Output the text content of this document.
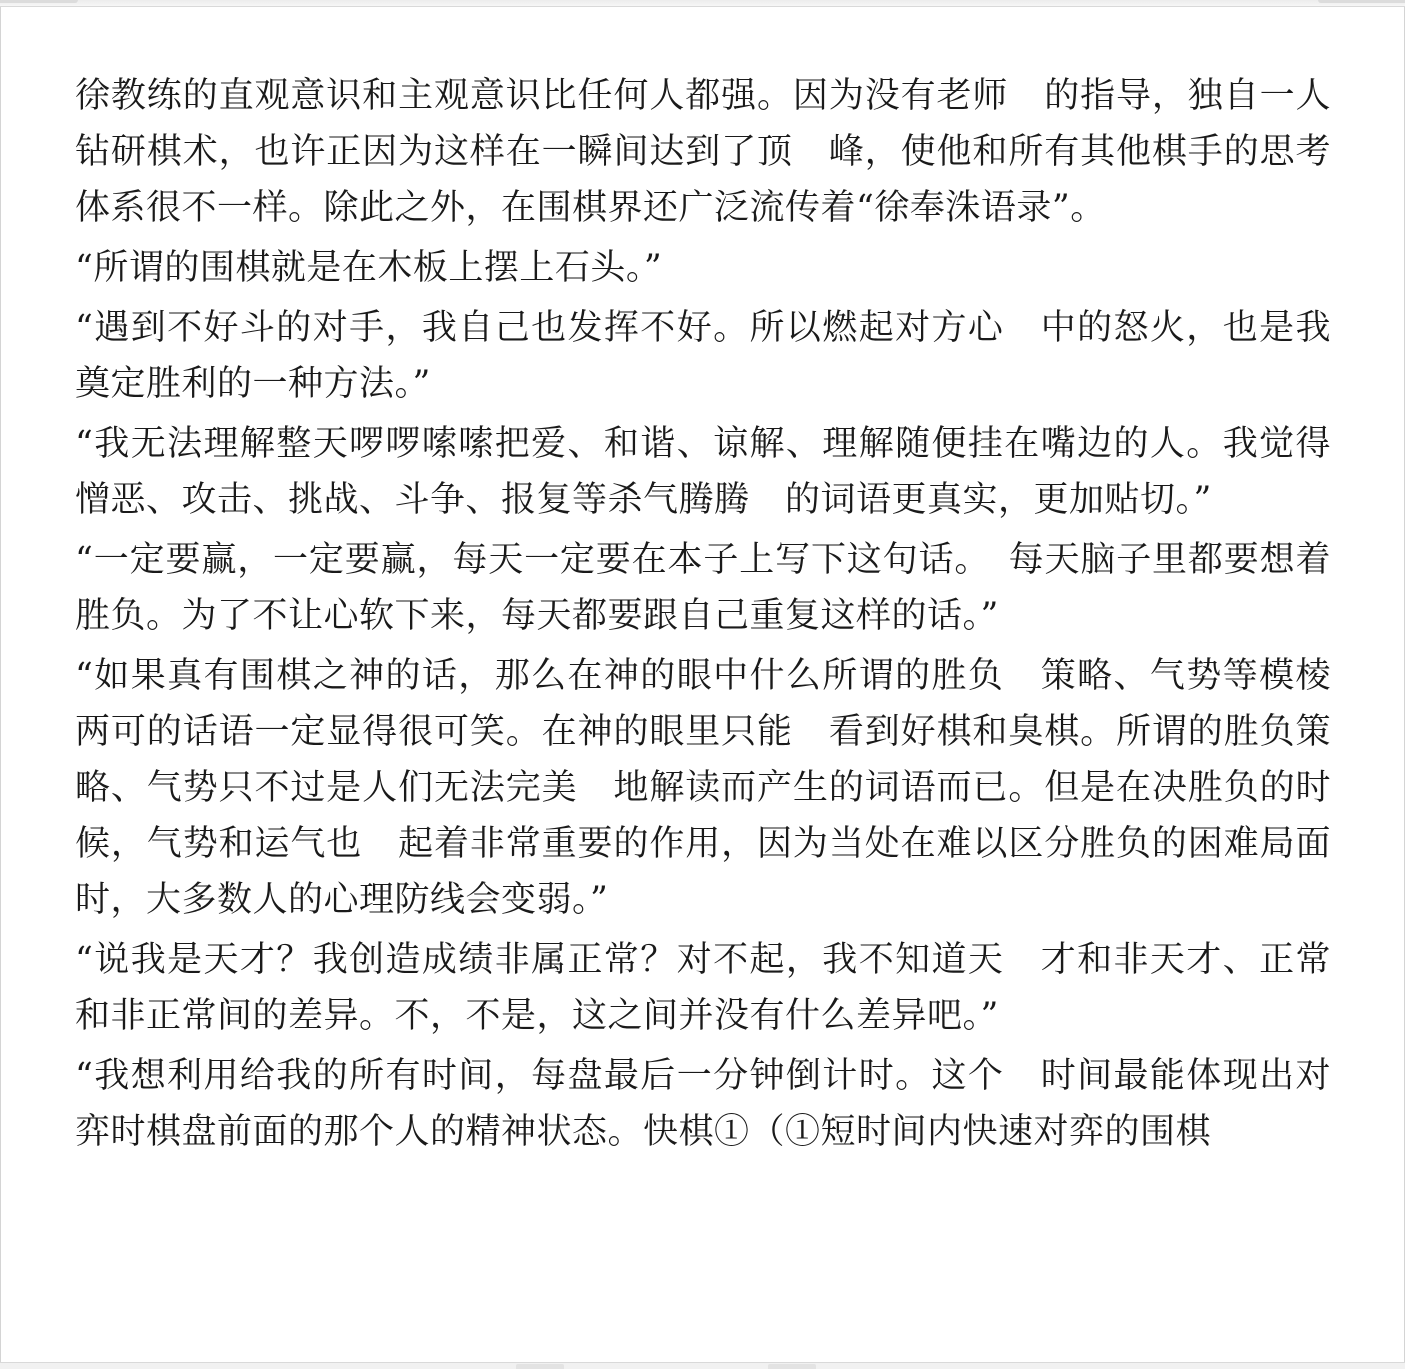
徐教练的直观意识和主观意识比任何人都强。因为没有老师　的指导，独自一人钻研棋术，也许正因为这样在一瞬间达到了顶　峰，使他和所有其他棋手的思考体系很不一样。除此之外，在围棋界还广泛流传着“徐奉洙语录”。

“所谓的围棋就是在木板上摆上石头。”

“遇到不好斗的对手，我自己也发挥不好。所以燃起对方心　中的怒火，也是我奠定胜利的一种方法。”

“我无法理解整天啰啰嗦嗦把爱、和谐、谅解、理解随便挂在嘴边的人。我觉得憎恶、攻击、挑战、斗争、报复等杀气腾腾　的词语更真实，更加贴切。”

“一定要赢，一定要赢，每天一定要在本子上写下这句话。　每天脑子里都要想着胜负。为了不让心软下来，每天都要跟自己重复这样的话。”

“如果真有围棋之神的话，那么在神的眼中什么所谓的胜负　策略、气势等模棱两可的话语一定显得很可笑。在神的眼里只能　看到好棋和臭棋。所谓的胜负策略、气势只不过是人们无法完美　地解读而产生的词语而已。但是在决胜负的时候，气势和运气也　起着非常重要的作用，因为当处在难以区分胜负的困难局面时，大多数人的心理防线会变弱。”

“说我是天才？我创造成绩非属正常？对不起，我不知道天　才和非天才、正常和非正常间的差异。不，不是，这之间并没有什么差异吧。”

“我想利用给我的所有时间，每盘最后一分钟倒计时。这个　时间最能体现出对弈时棋盘前面的那个人的精神状态。快棋①（①短时间内快速对弈的围棋
